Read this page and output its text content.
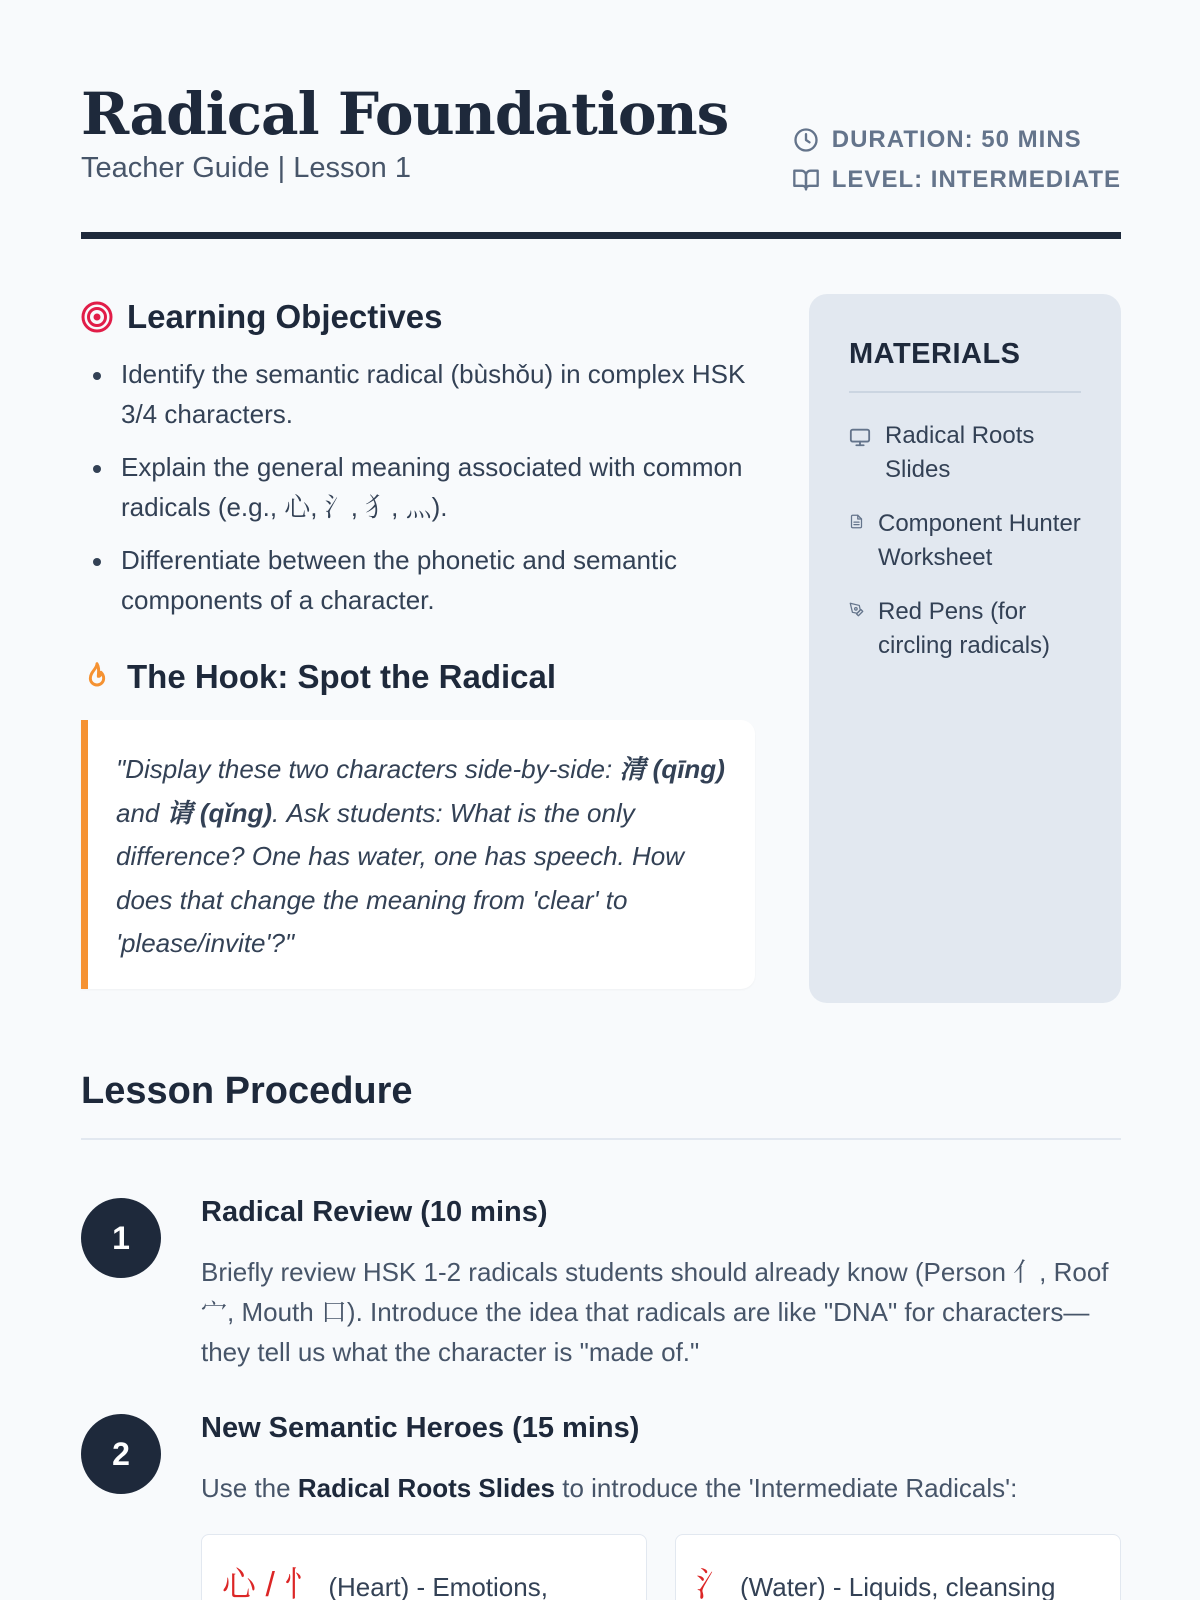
Radical Foundations
Teacher Guide | Lesson 1
DURATION: 50 MINS
LEVEL: INTERMEDIATE
Learning Objectives
Identify the semantic radical (bùshǒu) in complex HSK 3/4 characters.
Explain the general meaning associated with common radicals (e.g., 心, 氵, 犭, 灬).
Differentiate between the phonetic and semantic components of a character.
The Hook: Spot the Radical
"Display these two characters side-by-side: 清 (qīng) and 请 (qǐng). Ask students: What is the only difference? One has water, one has speech. How does that change the meaning from 'clear' to 'please/invite'?"
MATERIALS
Radical Roots Slides
Component Hunter Worksheet
Red Pens (for circling radicals)
Lesson Procedure
1
Radical Review (10 mins)

Briefly review HSK 1-2 radicals students should already know (Person 亻, Roof 宀, Mouth 口). Introduce the idea that radicals are like "DNA" for characters—they tell us what the character is "made of."

2
New Semantic Heroes (15 mins)

Use the Radical Roots Slides to introduce the 'Intermediate Radicals':

心 / 忄 (Heart) - Emotions,	氵 (Water) - Liquids, cleansing
